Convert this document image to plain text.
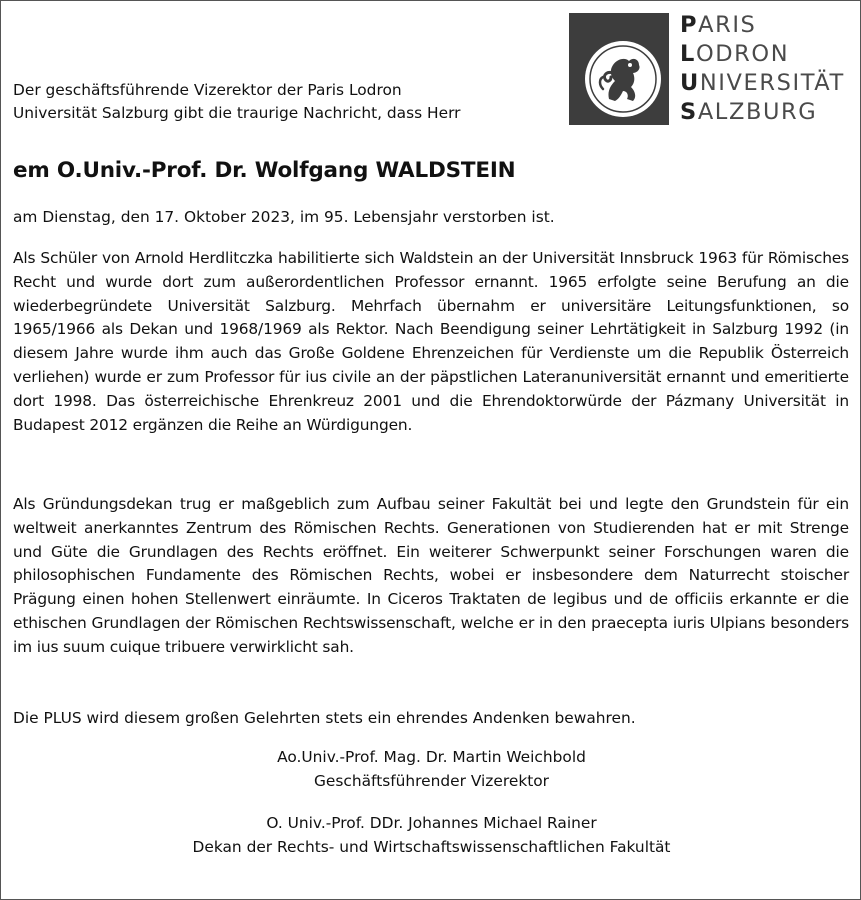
PARIS
LODRON
UNIVERSITÄT
SALZBURG
Der geschäftsführende Vizerektor der Paris Lodron
Universität Salzburg gibt die traurige Nachricht, dass Herr
em O.Univ.-Prof. Dr. Wolfgang WALDSTEIN
am Dienstag, den 17. Oktober 2023, im 95. Lebensjahr verstorben ist.

Als Schüler von Arnold Herdlitczka habilitierte sich Waldstein an der Universität Innsbruck 1963 für Römisches Recht und wurde dort zum außerordentlichen Professor ernannt. 1965 erfolgte seine Berufung an die wiederbegründete Universität Salzburg. Mehrfach übernahm er universitäre Leitungsfunktionen, so 1965/1966 als Dekan und 1968/1969 als Rektor. Nach Beendigung seiner Lehrtätigkeit in Salzburg 1992 (in diesem Jahre wurde ihm auch das Große Goldene Ehrenzeichen für Verdienste um die Republik Österreich verliehen) wurde er zum Professor für ius civile an der päpstlichen Lateranuniversität ernannt und emeritierte dort 1998. Das österreichische Ehrenkreuz 2001 und die Ehrendoktorwürde der Pázmany Universität in Budapest 2012 ergänzen die Reihe an Würdigungen.

Als Gründungsdekan trug er maßgeblich zum Aufbau seiner Fakultät bei und legte den Grundstein für ein weltweit anerkanntes Zentrum des Römischen Rechts. Generationen von Studierenden hat er mit Strenge und Güte die Grundlagen des Rechts eröffnet. Ein weiterer Schwerpunkt seiner Forschungen waren die philosophischen Fundamente des Römischen Rechts, wobei er insbesondere dem Naturrecht stoischer Prägung einen hohen Stellenwert einräumte. In Ciceros Traktaten de legibus und de officiis erkannte er die ethischen Grundlagen der Römischen Rechtswissenschaft, welche er in den praecepta iuris Ulpians besonders im ius suum cuique tribuere verwirklicht sah.

Die PLUS wird diesem großen Gelehrten stets ein ehrendes Andenken bewahren.
Ao.Univ.-Prof. Mag. Dr. Martin Weichbold
Geschäftsführender Vizerektor
O. Univ.-Prof. DDr. Johannes Michael Rainer
Dekan der Rechts- und Wirtschaftswissenschaftlichen Fakultät
